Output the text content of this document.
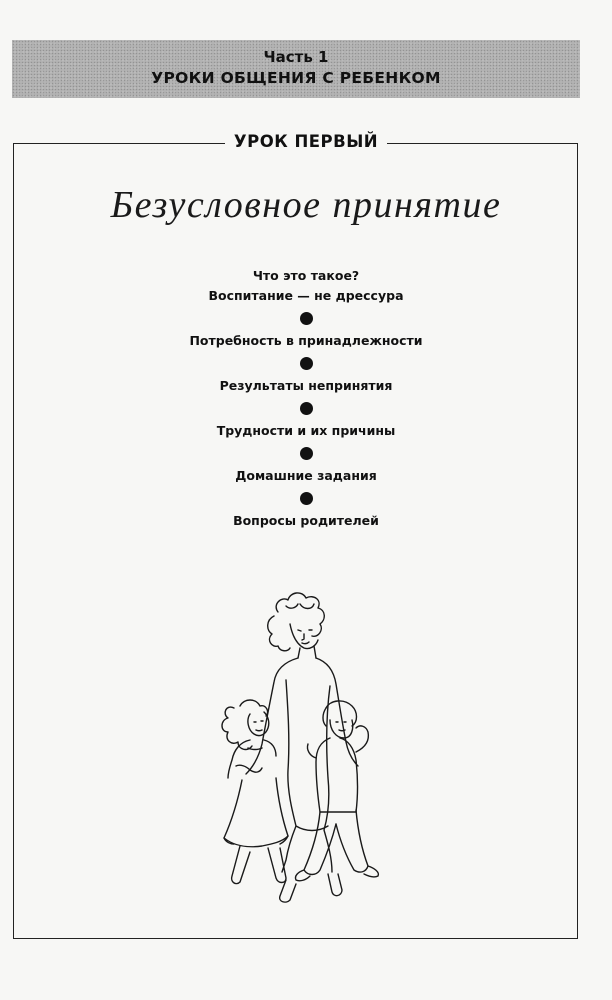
Часть 1
УРОКИ ОБЩЕНИЯ С РЕБЕНКОМ
УРОК ПЕРВЫЙ
Безусловное принятие
Что это такое?
Воспитание — не дрессура
Потребность в принадлежности
Результаты непринятия
Трудности и их причины
Домашние задания
Вопросы родителей
